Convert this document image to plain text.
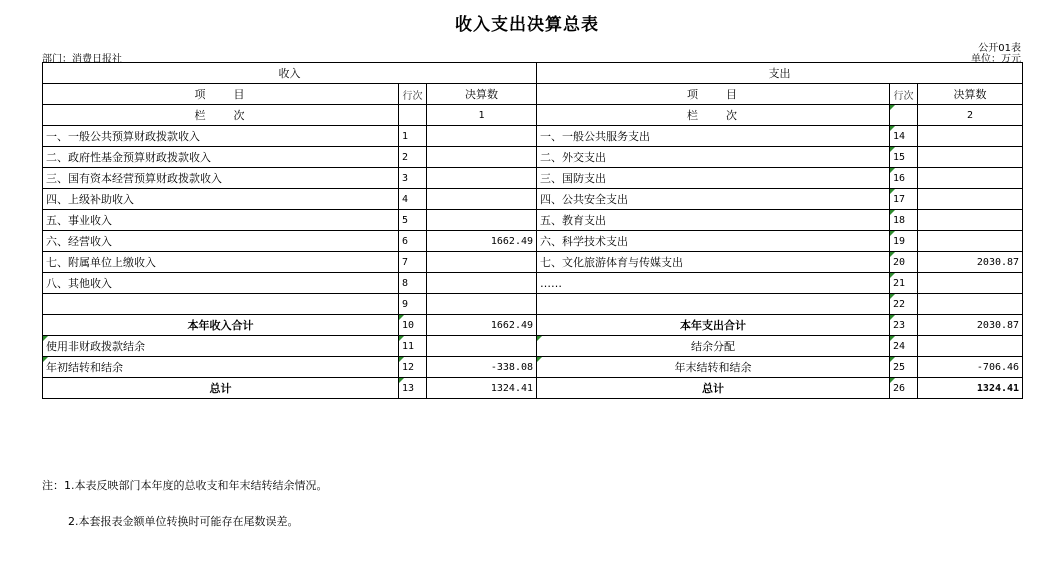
收入支出决算总表
部门：消费日报社
公开01表
单位：万元
收入			支出		
项　　目	行次	决算数	项　　目	行次	决算数
栏　　次		1	栏　　次		2
一、一般公共预算财政拨款收入	1		一、一般公共服务支出	14	
二、政府性基金预算财政拨款收入	2		二、外交支出	15	
三、国有资本经营预算财政拨款收入	3		三、国防支出	16	
四、上级补助收入	4		四、公共安全支出	17	
五、事业收入	5		五、教育支出	18	
六、经营收入	6	1662.49	六、科学技术支出	19	
七、附属单位上缴收入	7		七、文化旅游体育与传媒支出	20	2030.87
八、其他收入	8		……	21	
	9			22	
本年收入合计	10	1662.49	本年支出合计	23	2030.87
使用非财政拨款结余	11		结余分配	24	
年初结转和结余	12	-338.08	年末结转和结余	25	-706.46
总计	13	1324.41	总计	26	1324.41
注：1.本表反映部门本年度的总收支和年末结转结余情况。
2.本套报表金额单位转换时可能存在尾数误差。
